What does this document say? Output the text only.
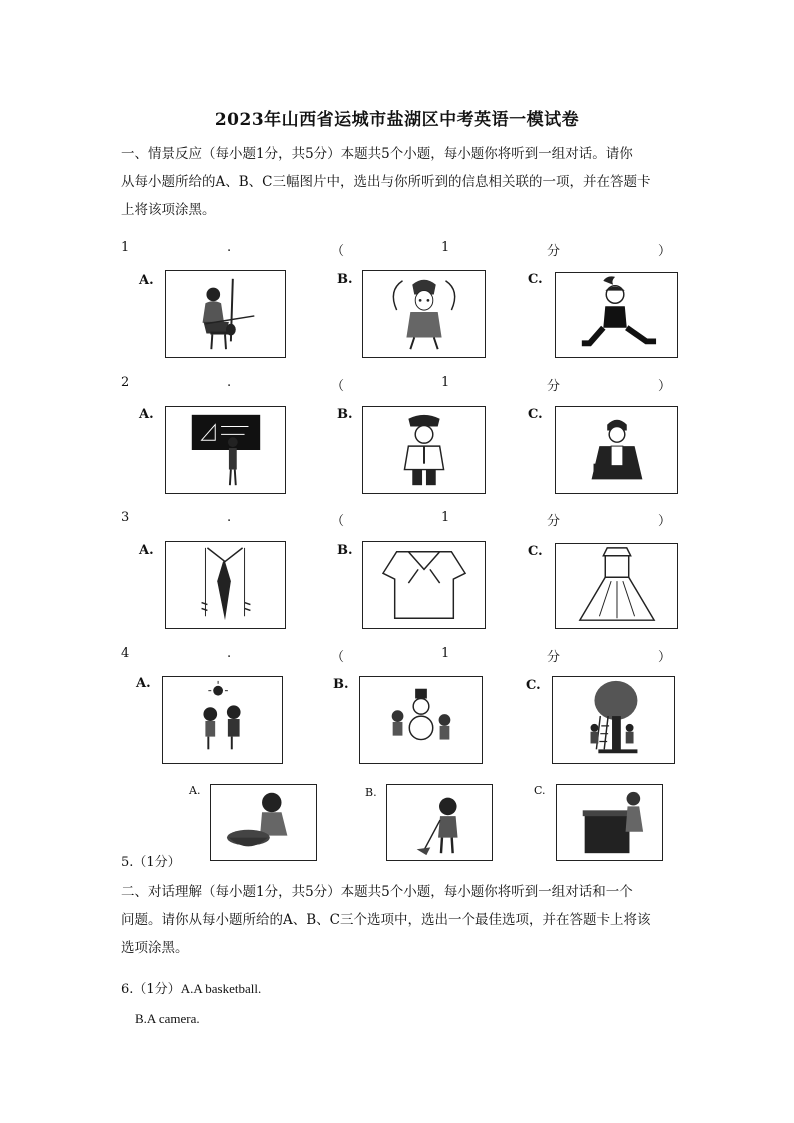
2023年山西省运城市盐湖区中考英语一模试卷
一、情景反应（每小题1分，共5分）本题共5个小题，每小题你将听到一组对话。请你
从每小题所给的A、B、C三幅图片中，选出与你所听到的信息相关联的一项，并在答题卡
上将该项涂黑。
1	.	（	1	分	）
2	.	（	1	分	）
3	.	（	1	分	）
4	.	（	1	分	）
A.	B.	C.
A.	B.	C.
A.	B.	C.
A.	B.	C.
A.	B.	C.
5.（1分）
二、对话理解（每小题1分，共5分）本题共5个小题，每小题你将听到一组对话和一个
问题。请你从每小题所给的A、B、C三个选项中，选出一个最佳选项，并在答题卡上将该
选项涂黑。
6.（1分）A.A basketball.
B.A camera.
